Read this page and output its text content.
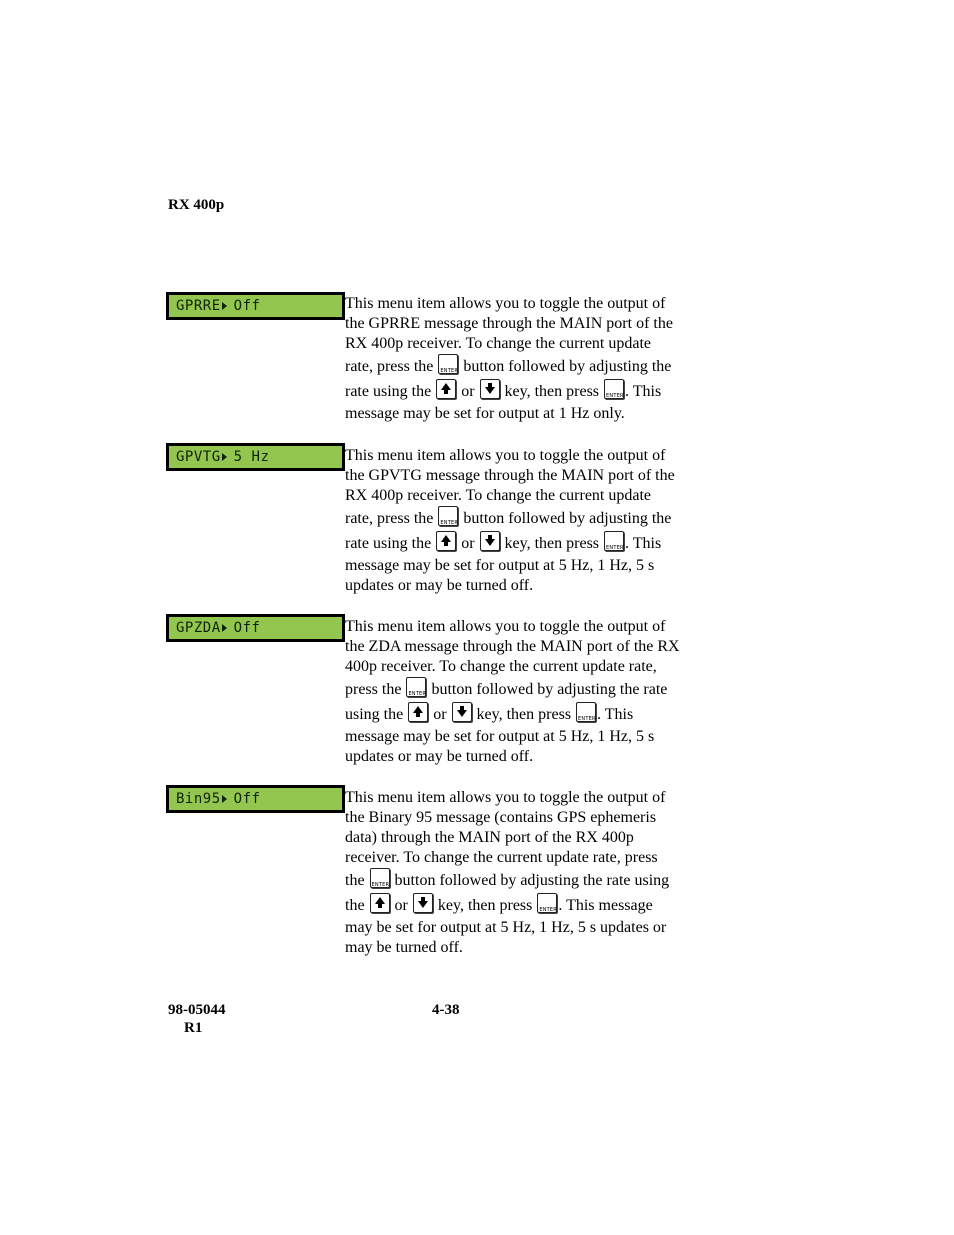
RX 400p
GPRRE Off	This menu item allows you to toggle the output of
the GPRRE message through the MAIN port of the
RX 400p receiver. To change the current update
rate, press the ENTER button followed by adjusting the
rate using the  or  key, then press ENTER. This
message may be set for output at 1 Hz only.
GPVTG 5 Hz	This menu item allows you to toggle the output of
the GPVTG message through the MAIN port of the
RX 400p receiver. To change the current update
rate, press the ENTER button followed by adjusting the
rate using the  or  key, then press ENTER. This
message may be set for output at 5 Hz, 1 Hz, 5 s
updates or may be turned off.
GPZDA Off	This menu item allows you to toggle the output of
the ZDA message through the MAIN port of the RX
400p receiver. To change the current update rate,
press the ENTER button followed by adjusting the rate
using the  or  key, then press ENTER. This
message may be set for output at 5 Hz, 1 Hz, 5 s
updates or may be turned off.
Bin95 Off	This menu item allows you to toggle the output of
the Binary 95 message (contains GPS ephemeris
data) through the MAIN port of the RX 400p
receiver. To change the current update rate, press
the ENTER button followed by adjusting the rate using
the  or  key, then press ENTER. This message
may be set for output at 5 Hz, 1 Hz, 5 s updates or
may be turned off.
98-05044	4-38
R1
